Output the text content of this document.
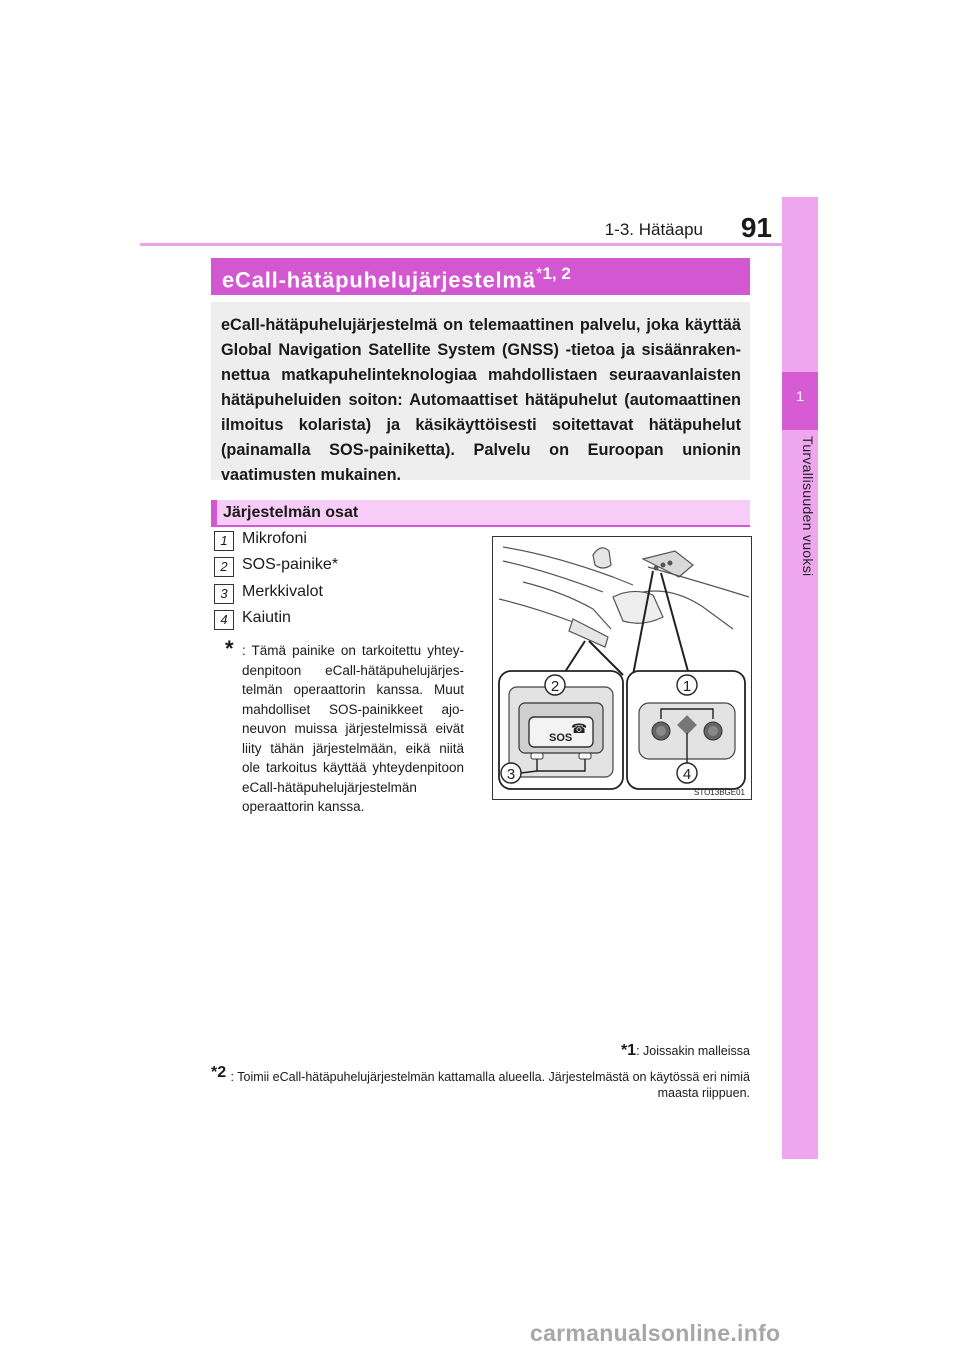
1-3. Hätäapu	91
1
Turvallisuuden vuoksi
eCall-hätäpuhelujärjestelmä$^{*1, 2}$
eCall-hätäpuhelujärjestelmä on telemaattinen palvelu, joka käyttää Global Navigation Satellite System (GNSS) -tietoa ja sisäänrakennettua matkapuhelinteknologiaa mahdollistaen seuraavanlaisten hätäpuheluiden soiton: Automaattiset hätäpuhelut (automaattinen ilmoitus kolarista) ja käsikäyttöisesti soitettavat hätäpuhelut (painamalla SOS-painiketta). Palvelu on Euroopan unionin vaatimusten mukainen.
Järjestelmän osat
1 Mikrofoni
2 SOS-painike*
3 Merkkivalot
4 Kaiutin
* : Tämä painike on tarkoitettu yhteydenpitoon eCall-hätäpuhelujärjestelmän operaattorin kanssa. Muut mahdolliset SOS-painikkeet ajoneuvon muissa järjestelmissä eivät liity tähän järjestelmään, eikä niitä ole tarkoitus käyttää yhteydenpitoon eCall-hätäpuhelujärjestelmän operaattorin kanssa.
SOS
☎
2	1
3	4
STO13BGE01
*1: Joissakin malleissa
*2 : Toimii eCall-hätäpuhelujärjestelmän kattamalla alueella. Järjestelmästä on käytössä eri nimiä maasta riippuen.
carmanualsonline.info
